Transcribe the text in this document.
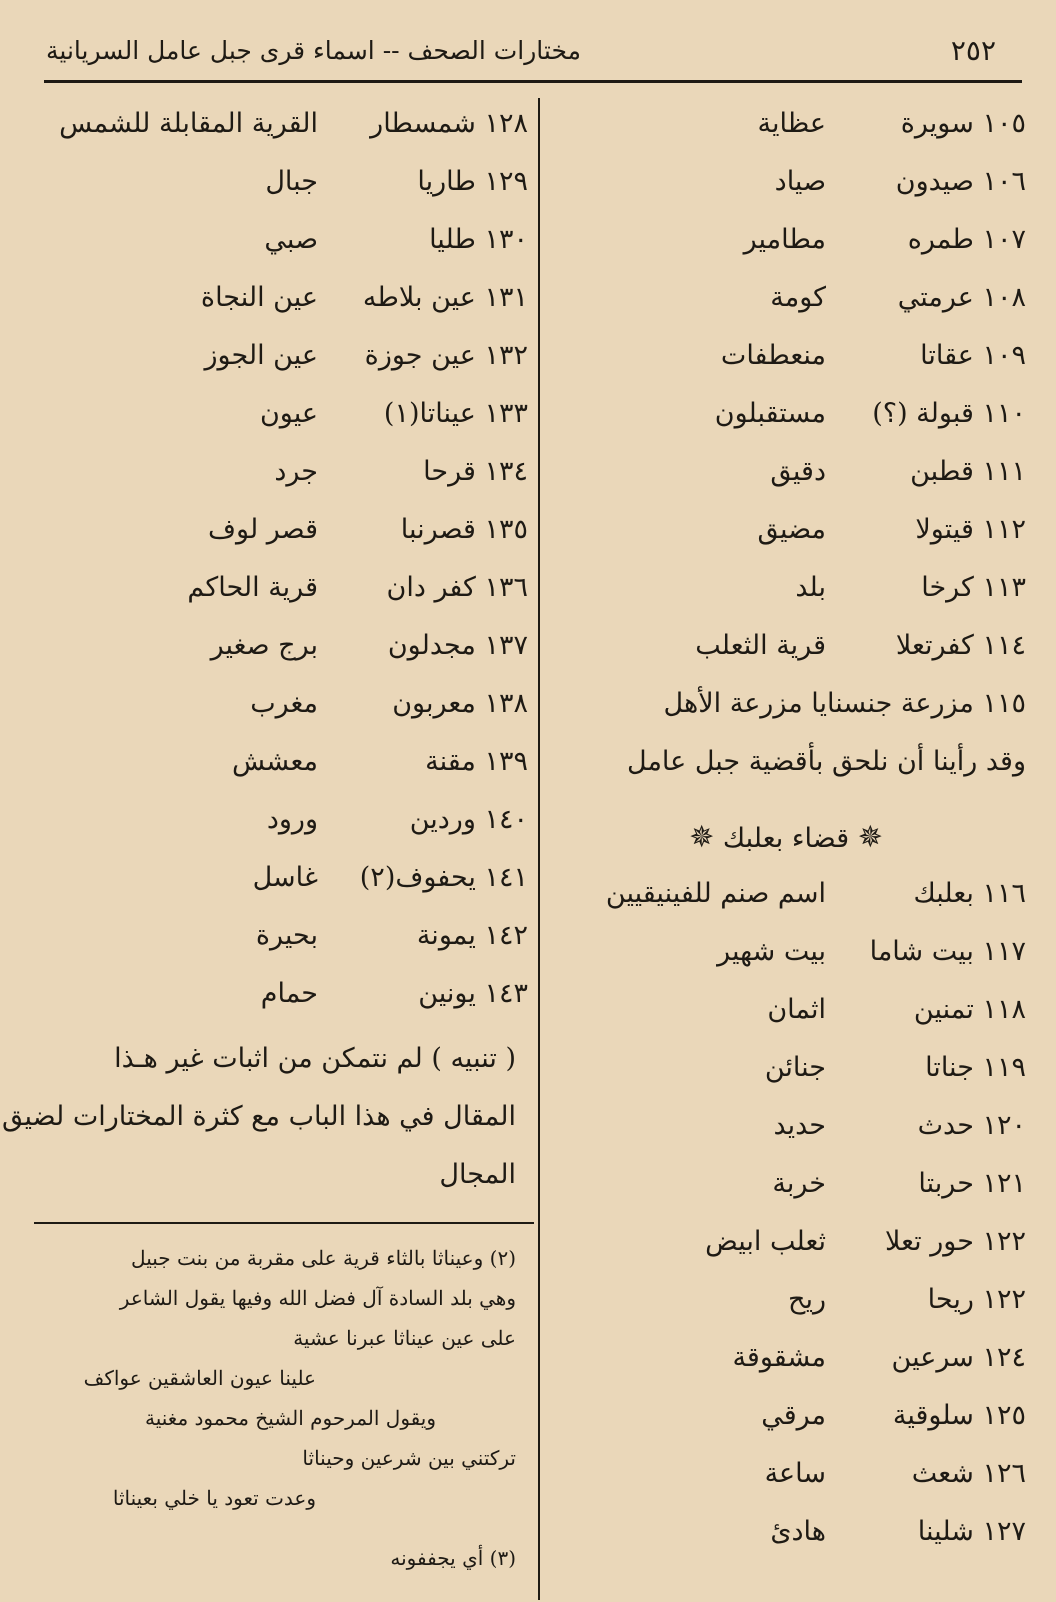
٢٥٢
مختارات الصحف -- اسماء قرى جبل عامل السريانية
١٠٥ سويرة
عظاية
١٠٦ صيدون
صياد
١٠٧ طمره
مطامير
١٠٨ عرمتي
كومة
١٠٩ عقاتا
منعطفات
١١٠ قبولة (؟)
مستقبلون
١١١ قطبن
دقيق
١١٢ قيتولا
مضيق
١١٣ كرخا
بلد
١١٤ كفرتعلا
قرية الثعلب
١١٥ مزرعة جنسنايا مزرعة الأهل
وقد رأينا أن نلحق بأقضية جبل عامل
✵ قضاء بعلبك ✵
١١٦ بعلبك
اسم صنم للفينيقيين
١١٧ بيت شاما
بيت شهير
١١٨ تمنين
اثمان
١١٩ جناتا
جنائن
١٢٠ حدث
حديد
١٢١ حربتا
خربة
١٢٢ حور تعلا
ثعلب ابيض
١٢٢ ريحا
ريح
١٢٤ سرعين
مشقوقة
١٢٥ سلوقية
مرقي
١٢٦ شعث
ساعة
١٢٧ شلينا
هادئ
١٢٨ شمسطار
القرية المقابلة للشمس
١٢٩ طاريا
جبال
١٣٠ طليا
صبي
١٣١ عين بلاطه
عين النجاة
١٣٢ عين جوزة
عين الجوز
١٣٣ عيناتا(١)
عيون
١٣٤ قرحا
جرد
١٣٥ قصرنبا
قصر لوف
١٣٦ كفر دان
قرية الحاكم
١٣٧ مجدلون
برج صغير
١٣٨ معربون
مغرب
١٣٩ مقنة
معشش
١٤٠ وردين
ورود
١٤١ يحفوف(٢)
غاسل
١٤٢ يمونة
بحيرة
١٤٣ يونين
حمام
( تنبيه ) لم نتمكن من اثبات غير هـذا
المقال في هذا الباب مع كثرة المختارات لضيق
المجال
(٢) وعيناثا بالثاء قرية على مقربة من بنت جبيل
وهي بلد السادة آل فضل الله وفيها يقول الشاعر
على عين عيناثا عبرنا عشية
علينا عيون العاشقين عواكف
ويقول المرحوم الشيخ محمود مغنية
تركتني بين شرعين وحيناثا
وعدت تعود يا خلي بعيناثا
(٣) أي يجففونه
